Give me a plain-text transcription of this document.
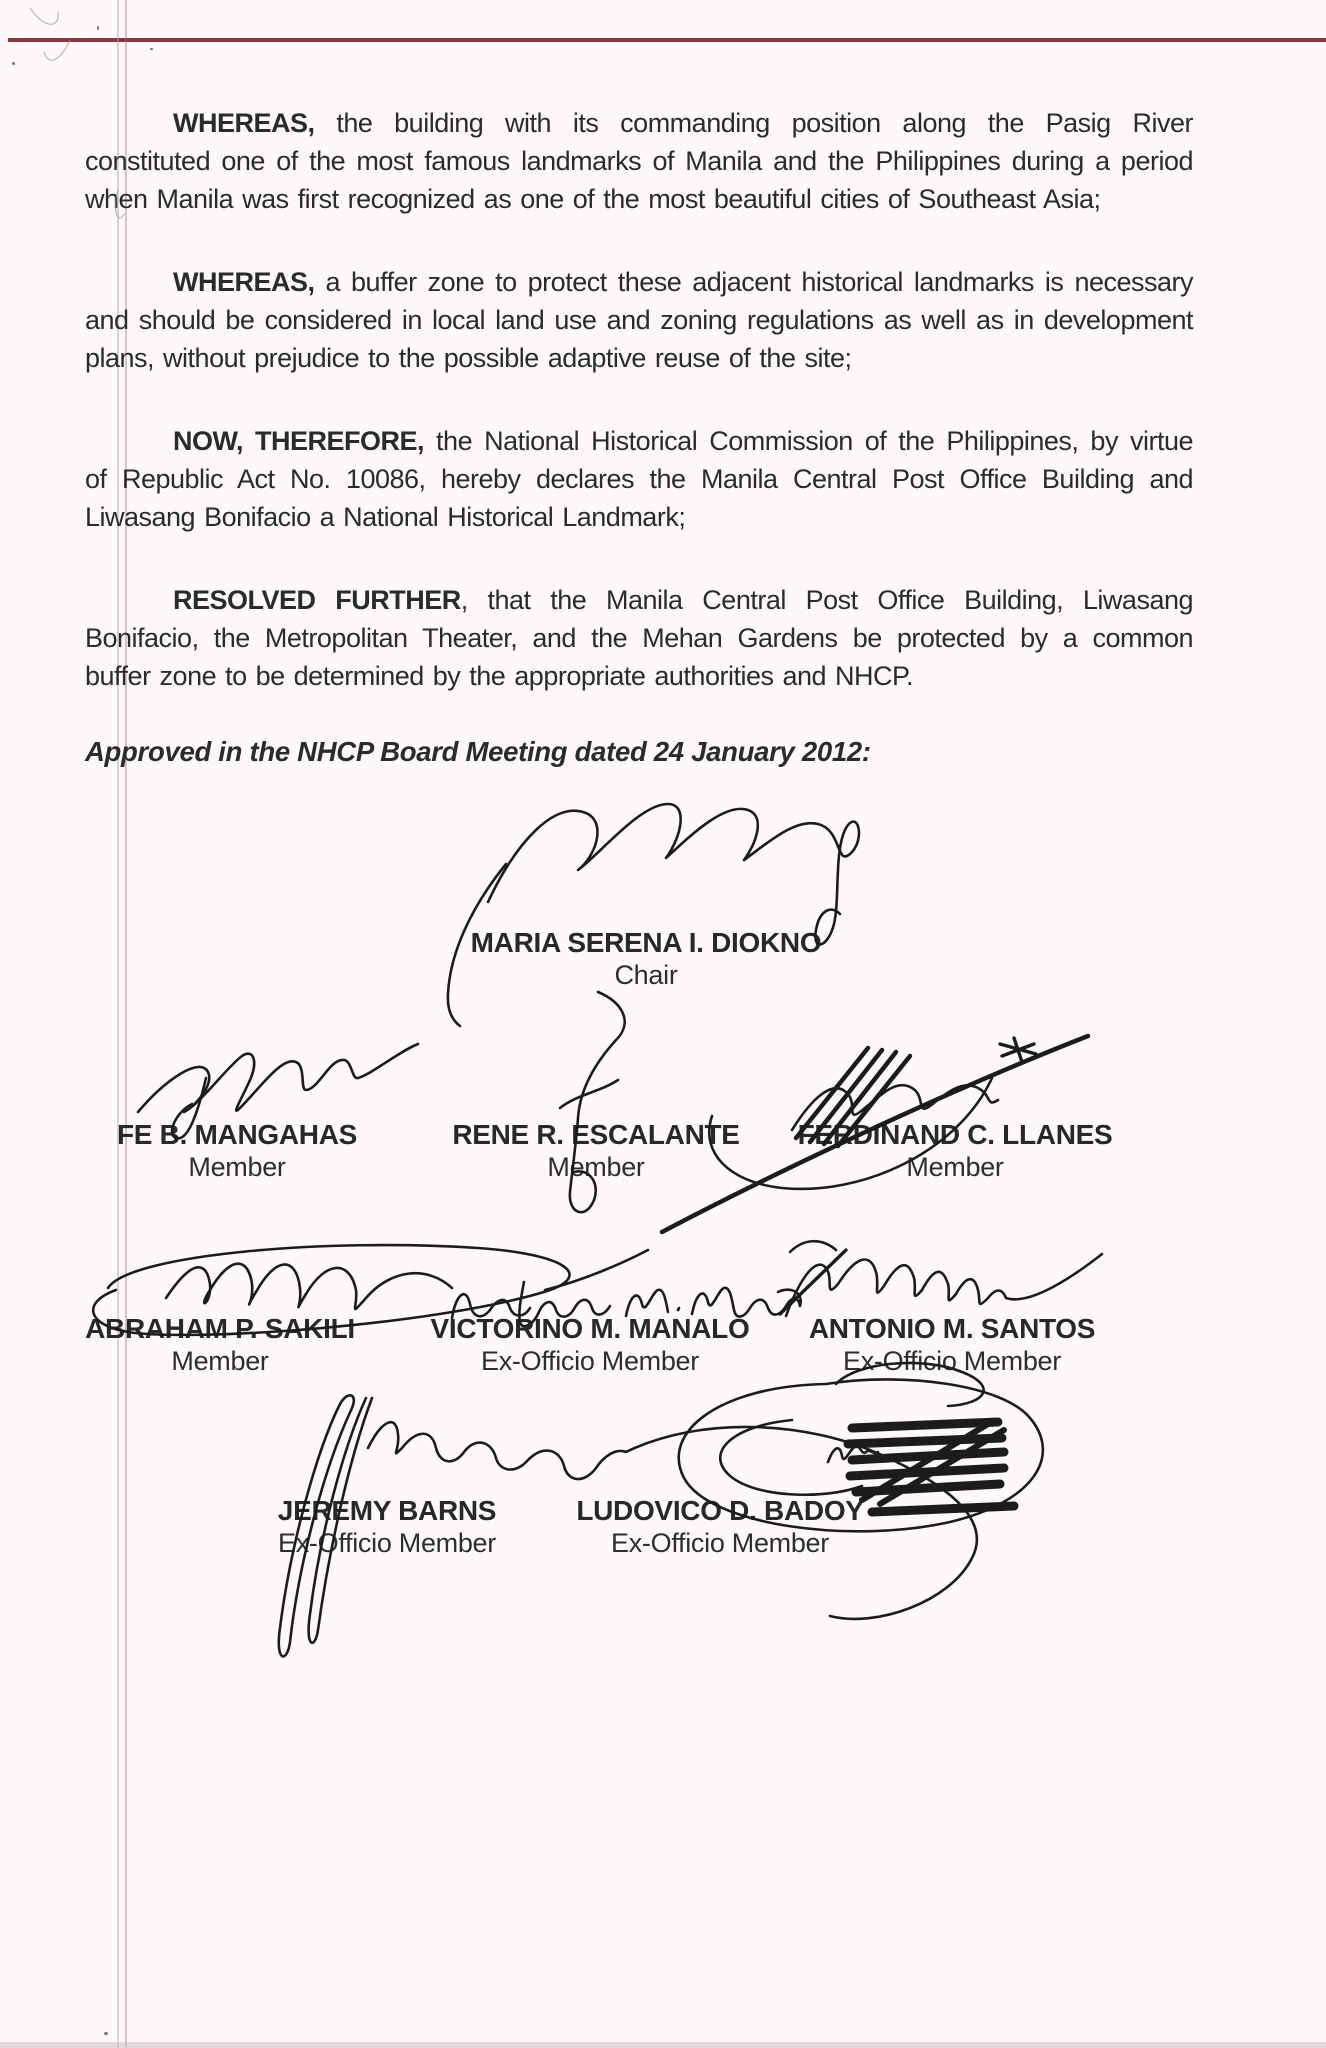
WHEREAS, the building with its commanding position along the Pasig River constituted one of the most famous landmarks of Manila and the Philippines during a period when Manila was first recognized as one of the most beautiful cities of Southeast Asia;

WHEREAS, a buffer zone to protect these adjacent historical landmarks is necessary and should be considered in local land use and zoning regulations as well as in development plans, without prejudice to the possible adaptive reuse of the site;

NOW, THEREFORE, the National Historical Commission of the Philippines, by virtue of Republic Act No. 10086, hereby declares the Manila Central Post Office Building and Liwasang Bonifacio a National Historical Landmark;

RESOLVED FURTHER, that the Manila Central Post Office Building, Liwasang Bonifacio, the Metropolitan Theater, and the Mehan Gardens be protected by a common buffer zone to be determined by the appropriate authorities and NHCP.

Approved in the NHCP Board Meeting dated 24 January 2012:

MARIA SERENA I. DIOKNO
Chair
FE B. MANGAHAS
Member
RENE R. ESCALANTE
Member
FERDINAND C. LLANES
Member
ABRAHAM P. SAKILI
Member
VICTORINO M. MANALO
Ex-Officio Member
ANTONIO M. SANTOS
Ex-Officio Member
JEREMY BARNS
Ex-Officio Member
LUDOVICO D. BADOY
Ex-Officio Member
